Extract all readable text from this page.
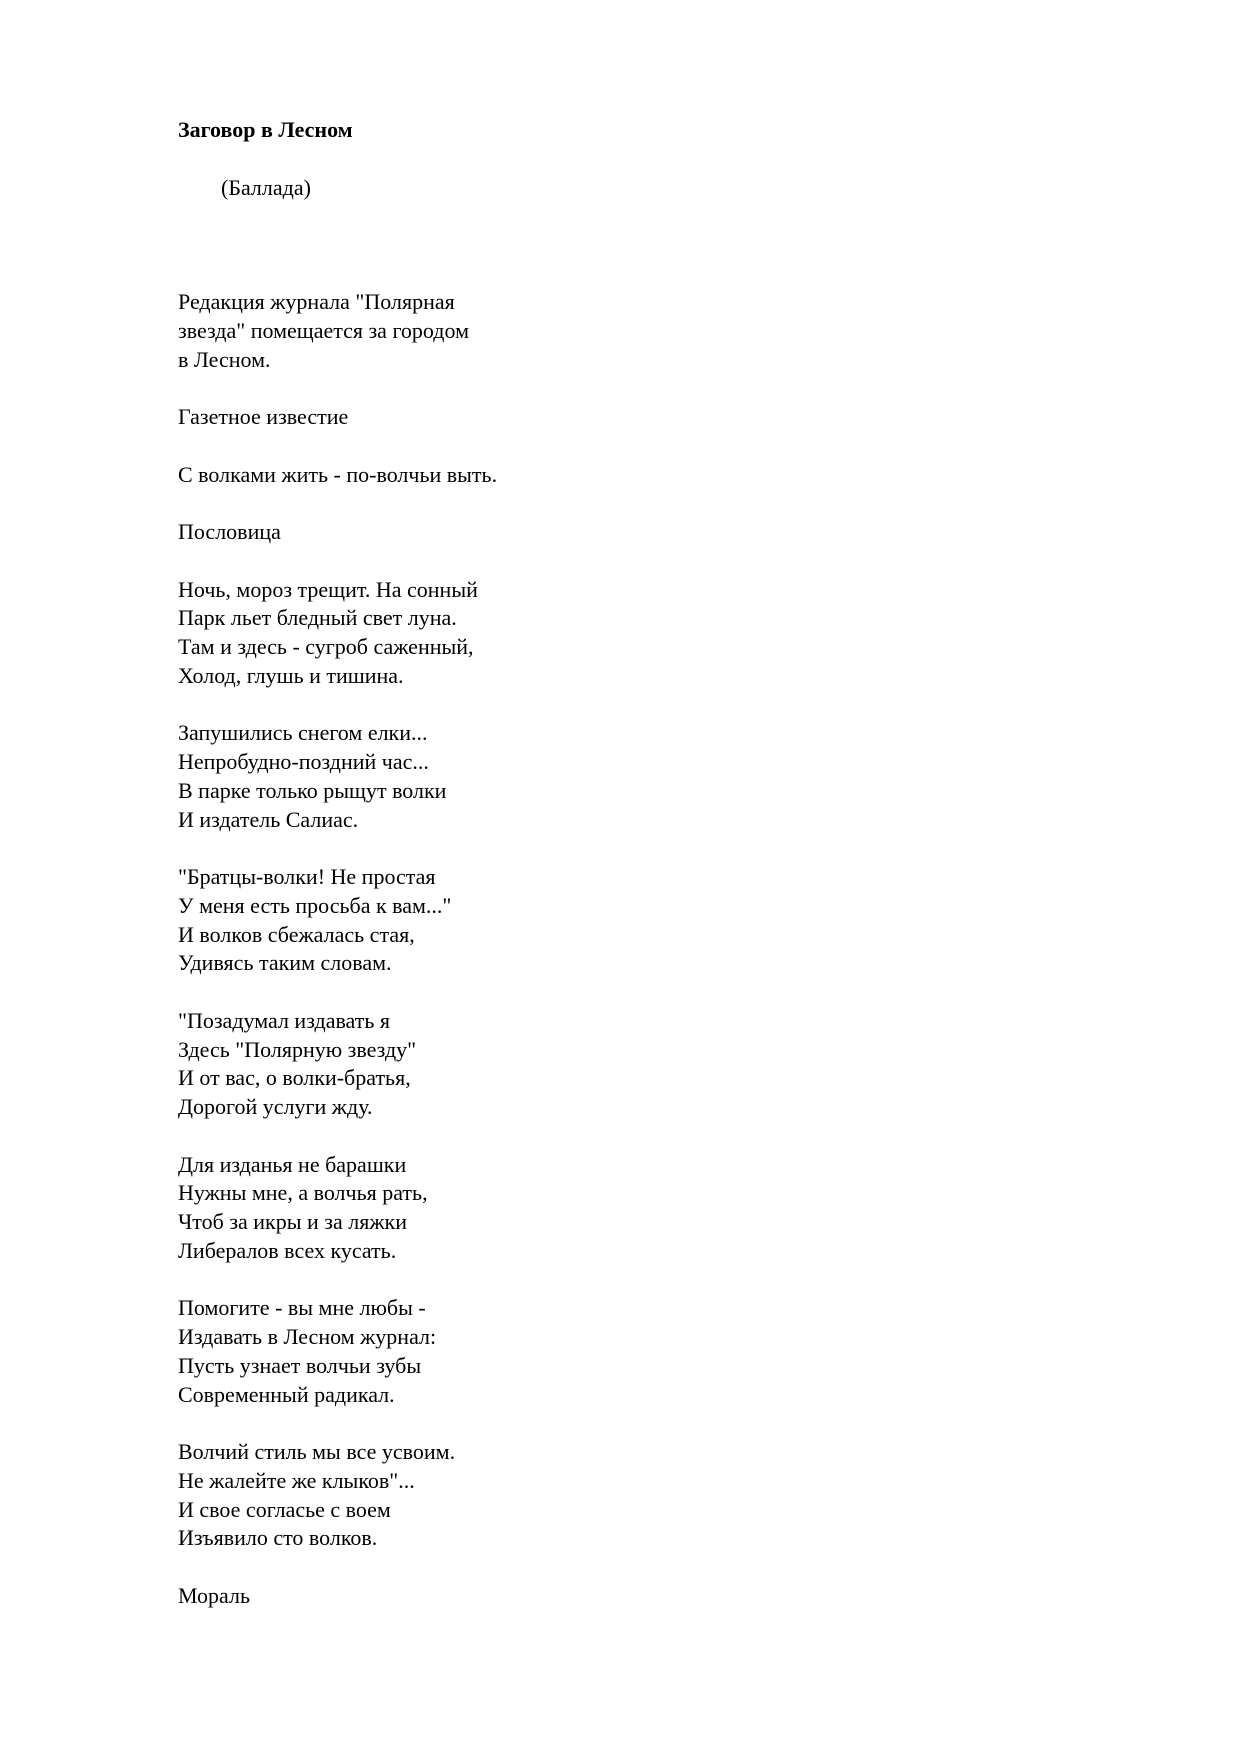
Заговор в Лесном
(Баллада)
Редакция журнала "Полярная
звезда" помещается за городом
в Лесном.
Газетное известие
С волками жить - по-волчьи выть.
Пословица
Ночь, мороз трещит. На сонный
Парк льет бледный свет луна.
Там и здесь - сугроб саженный,
Холод, глушь и тишина.
Запушились снегом елки...
Непробудно-поздний час...
В парке только рыщут волки
И издатель Салиас.
"Братцы-волки! Не простая
У меня есть просьба к вам..."
И волков сбежалась стая,
Удивясь таким словам.
"Позадумал издавать я
Здесь "Полярную звезду"
И от вас, о волки-братья,
Дорогой услуги жду.
Для изданья не барашки
Нужны мне, а волчья рать,
Чтоб за икры и за ляжки
Либералов всех кусать.
Помогите - вы мне любы -
Издавать в Лесном журнал:
Пусть узнает волчьи зубы
Современный радикал.
Волчий стиль мы все усвоим.
Не жалейте же клыков"...
И свое согласье с воем
Изъявило сто волков.
Мораль
